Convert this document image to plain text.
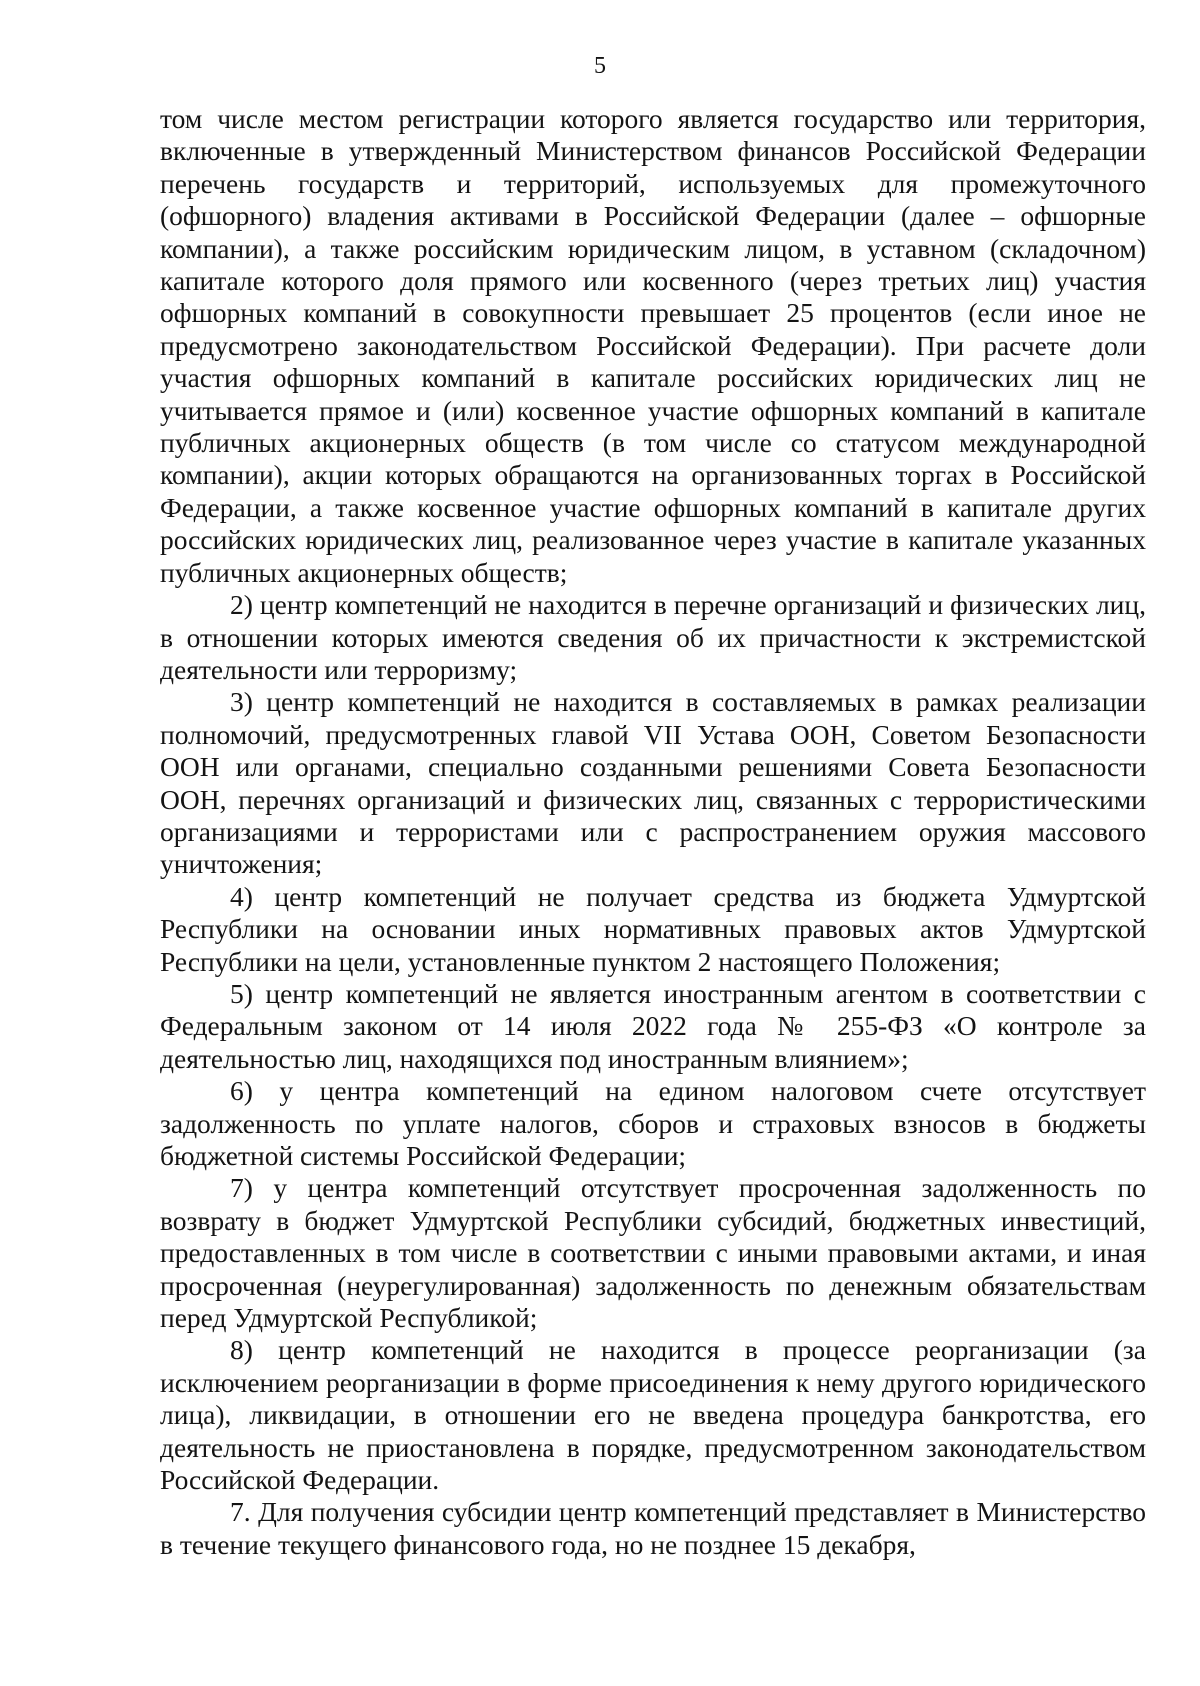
5

том числе местом регистрации которого является государство или территория, включенные в утвержденный Министерством финансов Российской Федерации перечень государств и территорий, используемых для промежуточного (офшорного) владения активами в Российской Федерации (далее – офшорные компании), а также российским юридическим лицом, в уставном (складочном) капитале которого доля прямого или косвенного (через третьих лиц) участия офшорных компаний в совокупности превышает 25 процентов (если иное не предусмотрено законодательством Российской Федерации). При расчете доли участия офшорных компаний в капитале российских юридических лиц не учитывается прямое и (или) косвенное участие офшорных компаний в капитале публичных акционерных обществ (в том числе со статусом международной компании), акции которых обращаются на организованных торгах в Российской Федерации, а также косвенное участие офшорных компаний в капитале других российских юридических лиц, реализованное через участие в капитале указанных публичных акционерных обществ;

2) центр компетенций не находится в перечне организаций и физических лиц, в отношении которых имеются сведения об их причастности к экстремистской деятельности или терроризму;

3) центр компетенций не находится в составляемых в рамках реализации полномочий, предусмотренных главой VII Устава ООН, Советом Безопасности ООН или органами, специально созданными решениями Совета Безопасности ООН, перечнях организаций и физических лиц, связанных с террористическими организациями и террористами или с распространением оружия массового уничтожения;

4) центр компетенций не получает средства из бюджета Удмуртской Республики на основании иных нормативных правовых актов Удмуртской Республики на цели, установленные пунктом 2 настоящего Положения;

5) центр компетенций не является иностранным агентом в соответствии с Федеральным законом от 14 июля 2022 года № 255-ФЗ «О контроле за деятельностью лиц, находящихся под иностранным влиянием»;

6) у центра компетенций на едином налоговом счете отсутствует задолженность по уплате налогов, сборов и страховых взносов в бюджеты бюджетной системы Российской Федерации;

7) у центра компетенций отсутствует просроченная задолженность по возврату в бюджет Удмуртской Республики субсидий, бюджетных инвестиций, предоставленных в том числе в соответствии с иными правовыми актами, и иная просроченная (неурегулированная) задолженность по денежным обязательствам перед Удмуртской Республикой;

8) центр компетенций не находится в процессе реорганизации (за исключением реорганизации в форме присоединения к нему другого юридического лица), ликвидации, в отношении его не введена процедура банкротства, его деятельность не приостановлена в порядке, предусмотренном законодательством Российской Федерации.

7. Для получения субсидии центр компетенций представляет в Министерство в течение текущего финансового года, но не позднее 15 декабря,
